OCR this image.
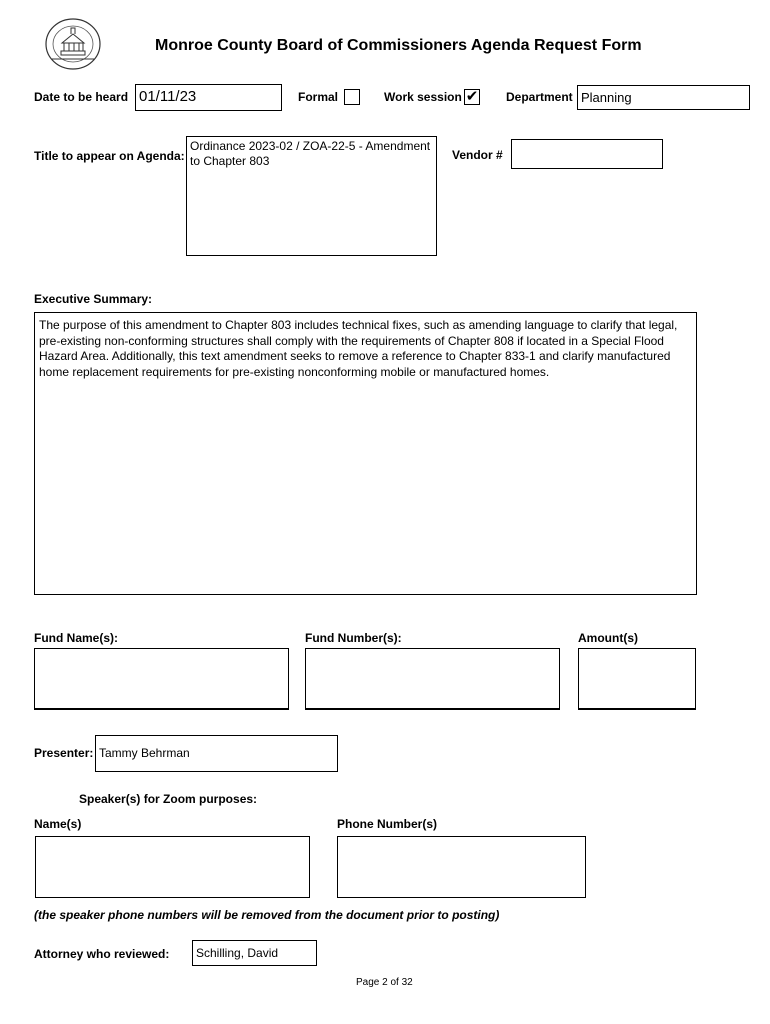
Monroe County Board of Commissioners Agenda Request Form
Date to be heard 01/11/23	Formal	Work session ✔ Department Planning
Title to appear on Agenda:
Ordinance 2023-02 / ZOA-22-5 - Amendment to Chapter 803	Vendor #
Executive Summary:
The purpose of this amendment to Chapter 803 includes technical fixes, such as amending language to clarify that legal, pre-existing non-conforming structures shall comply with the requirements of Chapter 808 if located in a Special Flood Hazard Area. Additionally, this text amendment seeks to remove a reference to Chapter 833-1 and clarify manufactured home replacement requirements for pre-existing nonconforming mobile or manufactured homes.
Fund Name(s):	Fund Number(s):	Amount(s)
Presenter: Tammy Behrman
Speaker(s) for Zoom purposes:
Name(s)	Phone Number(s)
(the speaker phone numbers will be removed from the document prior to posting)
Attorney who reviewed:	Schilling, David
Page 2 of 32
